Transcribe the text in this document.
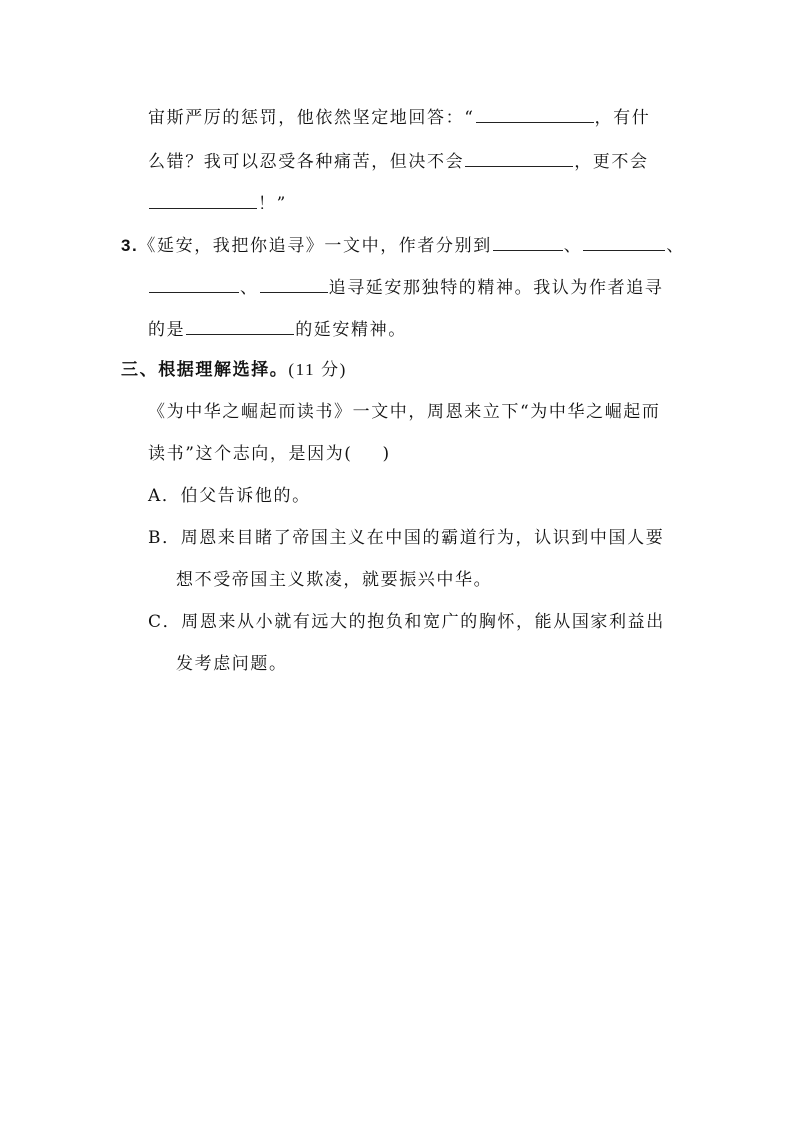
宙斯严厉的惩罚，他依然坚定地回答：“	，有什
么错？我可以忍受各种痛苦，但决不会	，更不会
！”
3.《延安，我把你追寻》一文中，作者分别到	、	、
、	追寻延安那独特的精神。我认为作者追寻
的是	的延安精神。
三、根据理解选择。(11 分)
《为中华之崛起而读书》一文中，周恩来立下“为中华之崛起而
读书”这个志向，是因为( )
A．伯父告诉他的。
B．周恩来目睹了帝国主义在中国的霸道行为，认识到中国人要
想不受帝国主义欺凌，就要振兴中华。
C．周恩来从小就有远大的抱负和宽广的胸怀，能从国家利益出
发考虑问题。
